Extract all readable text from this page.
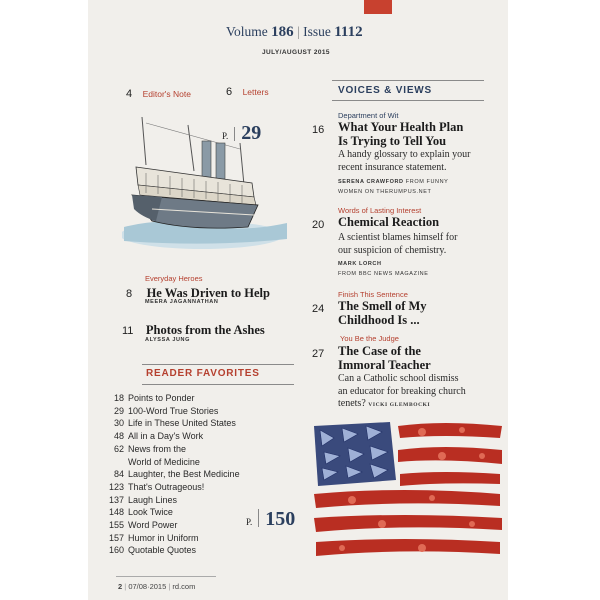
Volume 186 | Issue 1112
JULY/AUGUST 2015
4 Editor's Note	6 Letters
P. 29
Everyday Heroes
8 He Was Driven to Help
MEERA JAGANNATHAN
11 Photos from the Ashes
ALYSSA JUNG
READER FAVORITES
18 Points to Ponder
29 100-Word True Stories
30 Life in These United States
48 All in a Day's Work
62 News from the
World of Medicine
84 Laughter, the Best Medicine
123 That's Outrageous!
137 Laugh Lines
148 Look Twice
155 Word Power
157 Humor in Uniform
160 Quotable Quotes
VOICES & VIEWS
Department of Wit
16 What Your Health Plan
Is Trying to Tell You
A handy glossary to explain your
recent insurance statement.
SERENA CRAWFORD FROM FUNNY
WOMEN ON THERUMPUS.NET
Words of Lasting Interest
20 Chemical Reaction
A scientist blames himself for
our suspicion of chemistry.
MARK LORCH
FROM BBC NEWS MAGAZINE
Finish This Sentence
24 The Smell of My
Childhood Is ...
You Be the Judge
27 The Case of the
Immoral Teacher
Can a Catholic school dismiss
an educator for breaking church
tenets? VICKI GLEMBOCKI
P. 150
2 | 07/08·2015 | rd.com
